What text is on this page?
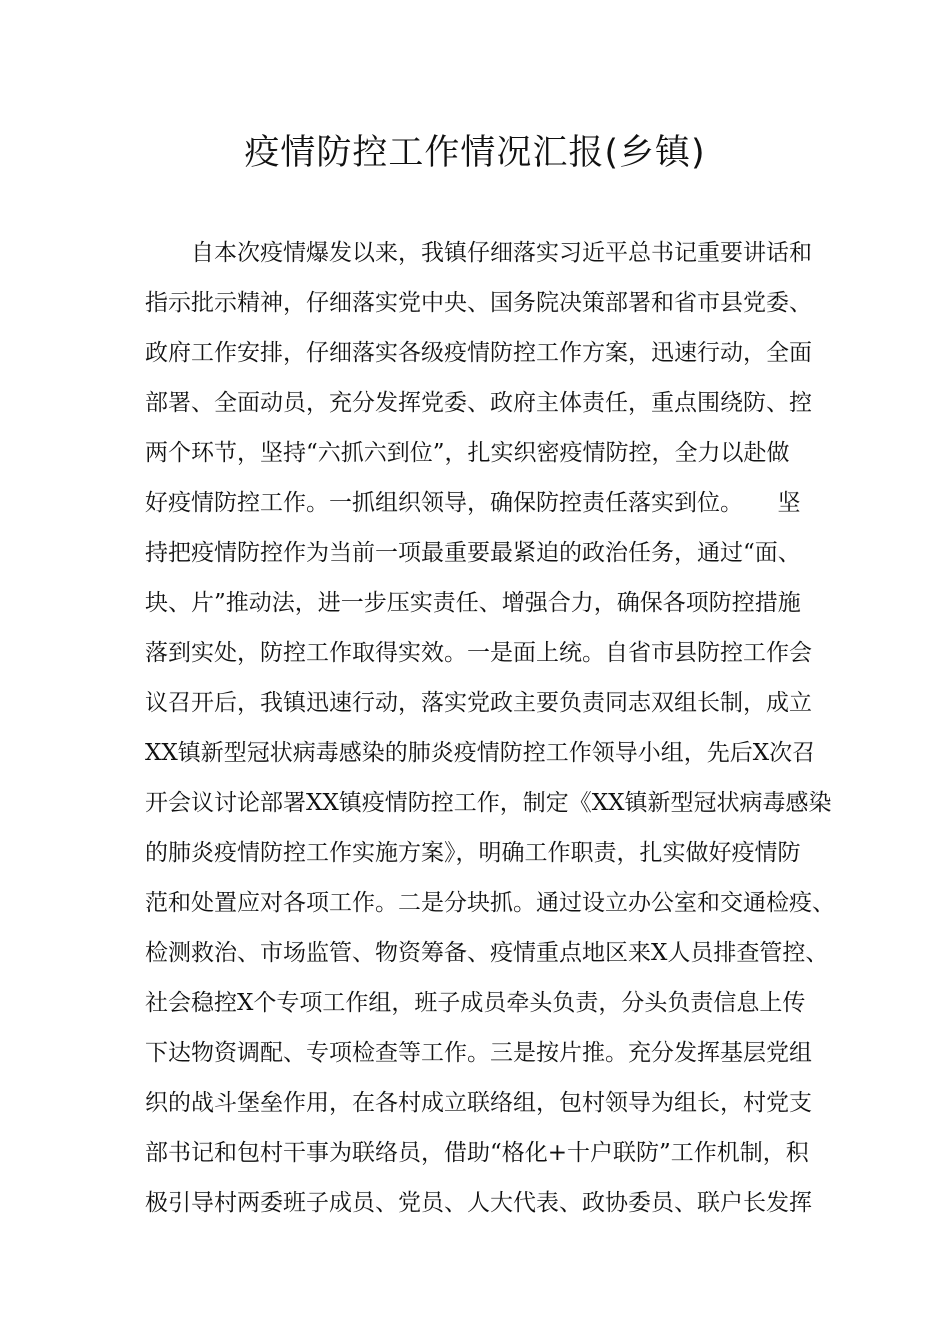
疫情防控工作情况汇报(乡镇)
自本次疫情爆发以来，我镇仔细落实习近平总书记重要讲话和
指示批示精神，仔细落实党中央、国务院决策部署和省市县党委、
政府工作安排，仔细落实各级疫情防控工作方案，迅速行动，全面
部署、全面动员，充分发挥党委、政府主体责任，重点围绕防、控
两个环节，坚持“六抓六到位”，扎实织密疫情防控，全力以赴做
好疫情防控工作。一抓组织领导，确保防控责任落实到位。　　坚
持把疫情防控作为当前一项最重要最紧迫的政治任务，通过“面、
块、片”推动法，进一步压实责任、增强合力，确保各项防控措施
落到实处，防控工作取得实效。一是面上统。自省市县防控工作会
议召开后，我镇迅速行动，落实党政主要负责同志双组长制，成立
XX镇新型冠状病毒感染的肺炎疫情防控工作领导小组，先后X次召
开会议讨论部署XX镇疫情防控工作，制定《XX镇新型冠状病毒感染
的肺炎疫情防控工作实施方案》，明确工作职责，扎实做好疫情防
范和处置应对各项工作。二是分块抓。通过设立办公室和交通检疫、
检测救治、市场监管、物资筹备、疫情重点地区来X人员排查管控、
社会稳控X个专项工作组，班子成员牵头负责，分头负责信息上传
下达物资调配、专项检查等工作。三是按片推。充分发挥基层党组
织的战斗堡垒作用，在各村成立联络组，包村领导为组长，村党支
部书记和包村干事为联络员，借助“格化+十户联防”工作机制，积
极引导村两委班子成员、党员、人大代表、政协委员、联户长发挥
